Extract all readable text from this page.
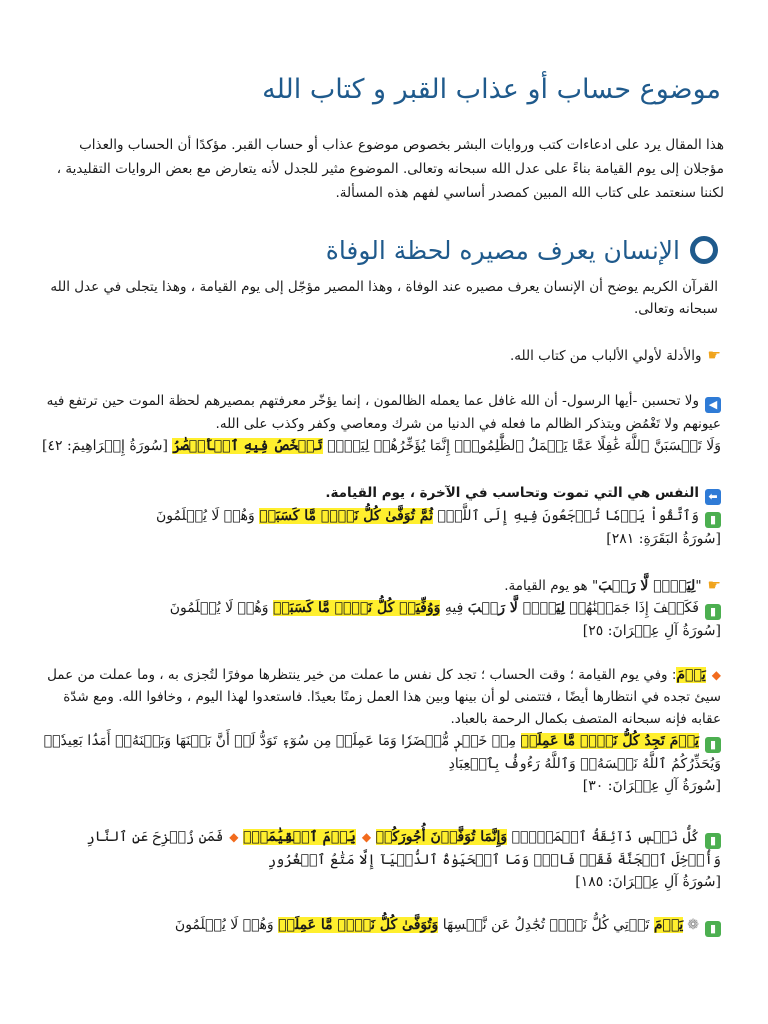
موضوع حساب أو عذاب القبر و كتاب الله

هذا المقال يرد على ادعاءات كتب وروايات البشر بخصوص موضوع عذاب أو حساب القبر. مؤكدًا أن الحساب والعذاب مؤجلان إلى يوم القيامة بناءً على عدل الله سبحانه وتعالى. الموضوع مثير للجدل لأنه يتعارض مع بعض الروايات التقليدية ، لكننا سنعتمد على كتاب الله المبين كمصدر أساسي لفهم هذه المسألة.

الإنسان يعرف مصيره لحظة الوفاة

القرآن الكريم يوضح أن الإنسان يعرف مصيره عند الوفاة ، وهذا المصير مؤجّل إلى يوم القيامة ، وهذا يتجلى في عدل الله سبحانه وتعالى.

☛والأدلة لأولي الألباب من كتاب الله.

◀ولا تحسبن -أيها الرسول- أن الله غافل عما يعمله الظالمون ، إنما يؤخّر معرفتهم بمصيرهم لحظة الموت حين ترتفع فيه عيونهم ولا تَغْمُض ويتذكر الظالم ما فعله في الدنيا من شرك ومعاصي وكفر وكذب على الله.
وَلَا تَحۡسَبَنَّ ٱللَّهَ غَٰفِلًا عَمَّا يَعۡمَلُ ٱلظَّٰلِمُونَۚ إِنَّمَا يُؤَخِّرُهُمۡ لِيَوۡمٖ تَشۡخَصُ فِيهِ ٱلۡأَبۡصَٰرُ [سُورَةُ إِبۡرَاهِيمَ: ٤٢]
⬅النفس هي التي تموت وتحاسب في الآخرة ، يوم القيامة.
▮وَٱتَّقُواْ يَوۡمٗا تُرۡجَعُونَ فِيهِ إِلَى ٱللَّهِۖ ثُمَّ تُوَفَّىٰ كُلُّ نَفۡسٖ مَّا كَسَبَتۡ وَهُمۡ لَا يُظۡلَمُونَ
[سُورَةُ البَقَرَةِ: ٢٨١]
☛"لِيَوۡمٖ لَّا رَيۡبَ" هو يوم القيامة.
▮فَكَيۡفَ إِذَا جَمَعۡنَٰهُمۡ لِيَوۡمٖ لَّا رَيۡبَ فِيهِ وَوُفِّيَتۡ كُلُّ نَفۡسٖ مَّا كَسَبَتۡ وَهُمۡ لَا يُظۡلَمُونَ
[سُورَةُ آلِ عِمۡرَانَ: ٢٥]
◆يَوۡمَ: وفي يوم القيامة ؛ وقت الحساب ؛ تجد كل نفس ما عملت من خير ينتظرها موفرًا لتُجزى به ، وما عملت من عمل سيئ تجده في انتظارها أيضًا ، فتتمنى لو أن بينها وبين هذا العمل زمنًا بعيدًا. فاستعدوا لهذا اليوم ، وخافوا الله. ومع شدّة عقابه فإنه سبحانه المتصف بكمال الرحمة بالعباد.
▮يَوۡمَ تَجِدُ كُلُّ نَفۡسٖ مَّا عَمِلَتۡ مِنۡ خَيۡرٖ مُّحۡضَرٗا وَمَا عَمِلَتۡ مِن سُوٓءٖ تَوَدُّ لَوۡ أَنَّ بَيۡنَهَا وَبَيۡنَهُۥٓ أَمَدَۢا بَعِيدٗاۗ وَيُحَذِّرُكُمُ ٱللَّهُ نَفۡسَهُۥۗ وَٱللَّهُ رَءُوفُۢ بِٱلۡعِبَادِ
[سُورَةُ آلِ عِمۡرَانَ: ٣٠]
▮كُلُّ نَفۡسٖ ذَآئِقَةُ ٱلۡمَوۡتِۗ وَإِنَّمَا تُوَفَّوۡنَ أُجُورَكُمۡ ◆يَوۡمَ ٱلۡقِيَٰمَةِۖ ◆فَمَن زُحۡزِحَ عَنِ ٱلنَّارِ وَأُدۡخِلَ ٱلۡجَنَّةَ فَقَدۡ فَازَۗ وَمَا ٱلۡحَيَوٰةُ ٱلدُّنۡيَآ إِلَّا مَتَٰعُ ٱلۡغُرُورِ
[سُورَةُ آلِ عِمۡرَانَ: ١٨٥]
▮❁يَوۡمَ تَأۡتِي كُلُّ نَفۡسٖ تُجَٰدِلُ عَن نَّفۡسِهَا وَتُوَفَّىٰ كُلُّ نَفۡسٖ مَّا عَمِلَتۡ وَهُمۡ لَا يُظۡلَمُونَ
